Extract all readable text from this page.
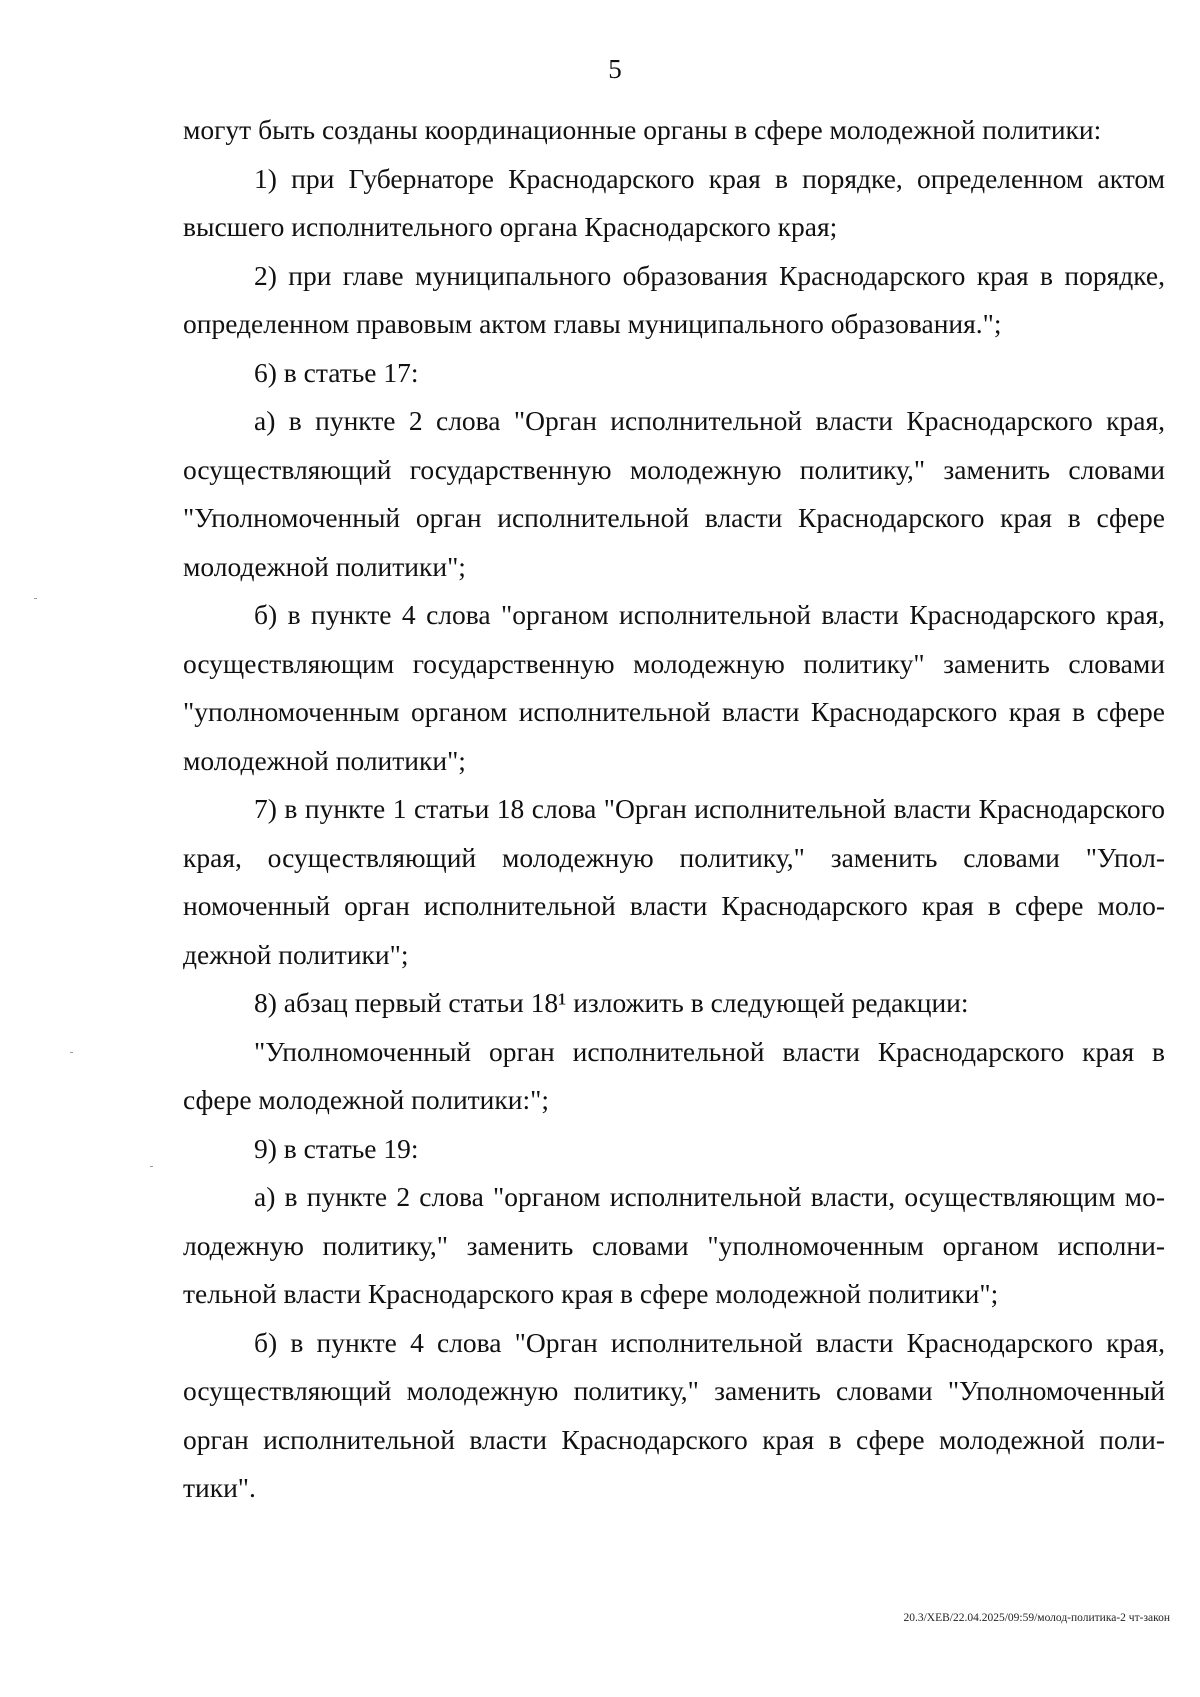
5

могут быть созданы координационные органы в сфере молодежной политики:

1) при Губернаторе Краснодарского края в порядке, определенном актом высшего исполнительного органа Краснодарского края;

2) при главе муниципального образования Краснодарского края в порядке, определенном правовым актом главы муниципального образования.";

6) в статье 17:

а) в пункте 2 слова "Орган исполнительной власти Краснодарского края, осуществляющий государственную молодежную политику," заменить словами "Уполномоченный орган исполнительной власти Краснодарского края в сфере молодежной политики";

б) в пункте 4 слова "органом исполнительной власти Краснодарского края, осуществляющим государственную молодежную политику" заменить словами "уполномоченным органом исполнительной власти Краснодарского края в сфере молодежной политики";

7) в пункте 1 статьи 18 слова "Орган исполнительной власти Краснодарского края, осуществляющий молодежную политику," заменить словами "Уполномоченный орган исполнительной власти Краснодарского края в сфере молодежной политики";

8) абзац первый статьи 18¹ изложить в следующей редакции:

"Уполномоченный орган исполнительной власти Краснодарского края в сфере молодежной политики:";

9) в статье 19:

а) в пункте 2 слова "органом исполнительной власти, осуществляющим молодежную политику," заменить словами "уполномоченным органом исполнительной власти Краснодарского края в сфере молодежной политики";

б) в пункте 4 слова "Орган исполнительной власти Краснодарского края, осуществляющий молодежную политику," заменить словами "Уполномоченный орган исполнительной власти Краснодарского края в сфере молодежной политики".

20.3/ХЕВ/22.04.2025/09:59/молод-политика-2 чт-закон
